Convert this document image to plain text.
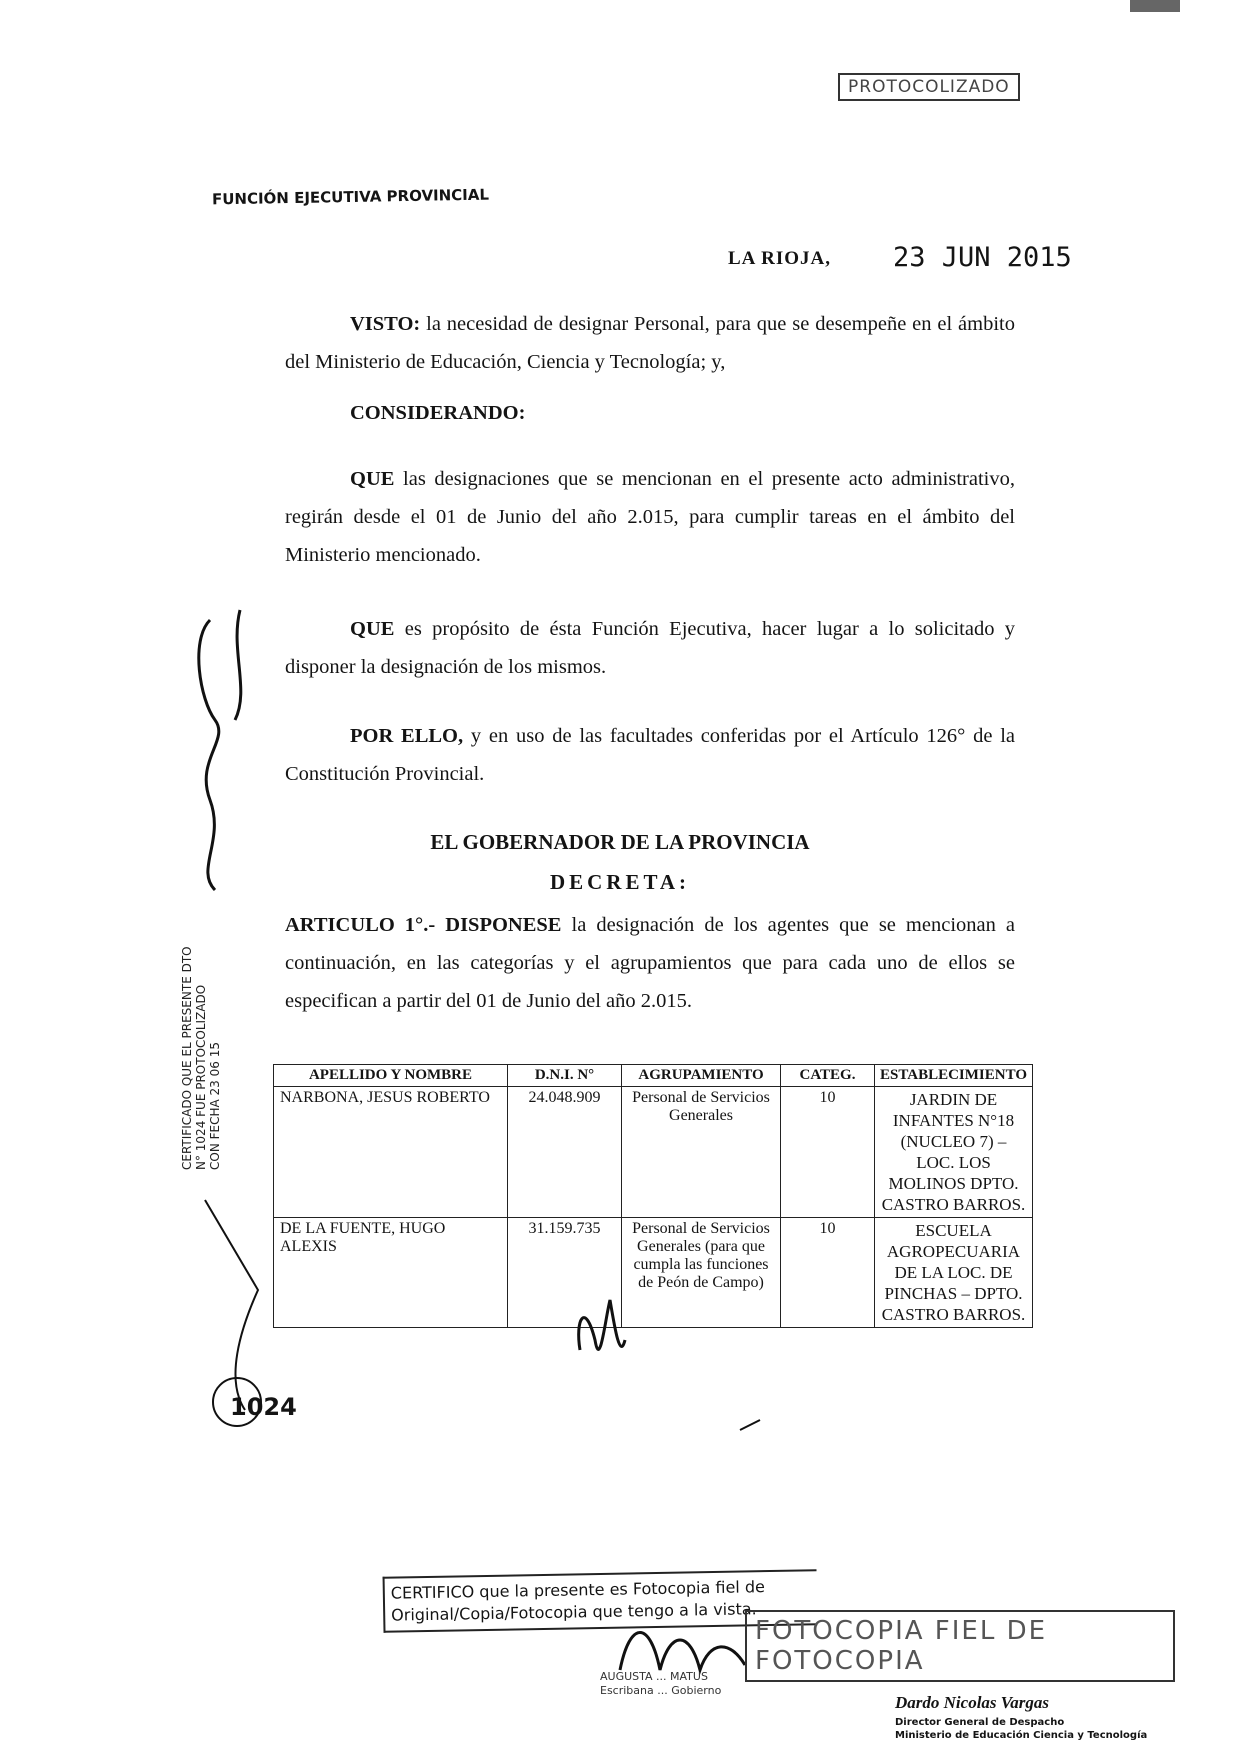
PROTOCOLIZADO
FUNCIÓN EJECUTIVA PROVINCIAL
LA RIOJA, 23 JUN 2015
VISTO: la necesidad de designar Personal, para que se desempeñe en el ámbito del Ministerio de Educación, Ciencia y Tecnología; y,
CONSIDERANDO:
QUE las designaciones que se mencionan en el presente acto administrativo, regirán desde el 01 de Junio del año 2.015, para cumplir tareas en el ámbito del Ministerio mencionado.
QUE es propósito de ésta Función Ejecutiva, hacer lugar a lo solicitado y disponer la designación de los mismos.
POR ELLO, y en uso de las facultades conferidas por el Artículo 126° de la Constitución Provincial.
EL GOBERNADOR DE LA PROVINCIA
DECRETA:
ARTICULO 1°.- DISPONESE la designación de los agentes que se mencionan a continuación, en las categorías y el agrupamientos que para cada uno de ellos se especifican a partir del 01 de Junio del año 2.015.
APELLIDO Y NOMBRE	D.N.I. N°	AGRUPAMIENTO	CATEG.	ESTABLECIMIENTO
NARBONA, JESUS ROBERTO	24.048.909	Personal de Servicios Generales	10	JARDIN DE INFANTES N°18 (NUCLEO 7) – LOC. LOS MOLINOS DPTO. CASTRO BARROS.
DE LA FUENTE, HUGO ALEXIS	31.159.735	Personal de Servicios Generales (para que cumpla las funciones de Peón de Campo)	10	ESCUELA AGROPECUARIA DE LA LOC. DE PINCHAS – DPTO. CASTRO BARROS.
CERTIFICADO QUE EL PRESENTE DTO N° 1024 FUE PROTOCOLIZADO CON FECHA 23 06 15
1024
CERTIFICO que la presente es Fotocopia fiel de
Original/Copia/Fotocopia que tengo a la vista.
FOTOCOPIA FIEL DE FOTOCOPIA
AUGUSTA ... MATUS
Escribana ... Gobierno
Dardo Nicolas Vargas
Director General de Despacho
Ministerio de Educación Ciencia y Tecnología
